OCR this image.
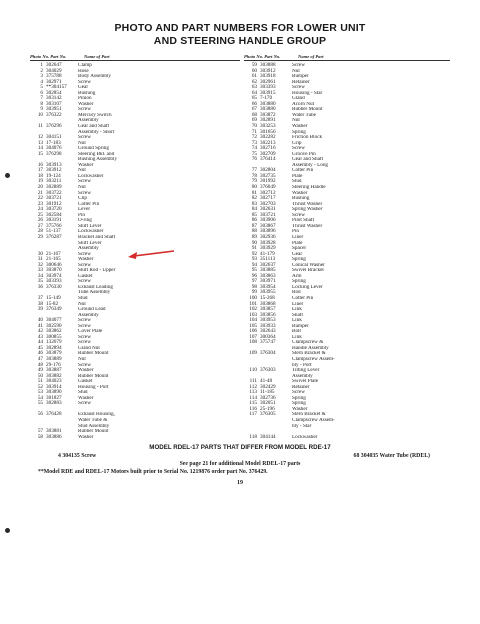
PHOTO AND PART NUMBERS FOR LOWER UNIT
AND STEERING HANDLE GROUP
Photo No. Part No.	Name of Part
1 302647	Clamp
2 304029	Hose
3 375788	Body Assembly
4 302971	Screw
5 **304157	Gear
6 302854	Bushing
7 303142	Pinion
8 303107	Washer
9 303951	Screw
10 376322	Mercury Switch
Assembly
11 376296	Gear and Shaft
Assembly - Short
12 304151	Screw
13 17-183	Nut
14 304076	Ground Spring
15 376298	Steering Bkt. and
Bushing Assembly
16 303913	Washer
17 303912	Nut
18 19-124	Lockwasher
19 303211	Screw
20 302889	Nut
21 303722	Screw
22 303721	Clip
23 301912	Cotter Pin
24 303720	Lever
25 302584	Pin
26 303191	O-ring
27 375766	Shift Lever
28 51-137	Lockwasher
29 376287	Bracket and Shaft
Shift Lever
Assembly
30 21-167	Screw
31 21-165	Washer
32 300646	Screw
33 303870	Shift Rod - Upper
34 303974	Gasket
35 303393	Screw
36 376330	Exhaust Leading
Tube Assembly
37 15-149	Stud
38 15-82	Nut
39 376349	Ground Lead
Assembly
40 304077	Screw
41 302590	Screw
42 303862	Cover Plate
43 300855	Screw
44 132679	Screw
45 302894	Gland Nut
46 303879	Rubber Mount
47 303889	Nut
48 29-176	Screw
49 303887	Washer
50 303882	Rubber Mount
51 304023	Gasket
52 303914	Housing - Port
53 303890	Stud
54 301827	Washer
55 302883	Screw
56 376428	Exhaust Housing,
Water Tube &
Stud Assembly
57 303881	Rubber Mount
58 303886	Washer
Photo No. Part No.	Name of Part
59 303888	Screw
60 303912	Nut
61 303918	Bumper
62 302961	Retainer
63 303393	Screw
64 303915	Housing - Star
65 7-170	Gland
66 303880	Acorn Nut
67 303880	Rubber Mount
68 303872	Water Tube
69 302891	Nut
70 303253	Washer
71 301656	Spring
72 302282	Friction Block
73 302213	Grip
74 302716	Screw
75 302709	Groove Pin
76 376414	Gear and Shaft
Assembly - Long
77 302804	Cotter Pin
78 302735	Plate
79 301992	Stud
80 376049	Steering Handle
81 302712	Washer
82 302717	Bushing
83 302703	Thrust Washer
84 302631	Spring Washer
85 303721	Screw
86 303906	Pilot Shaft
87 303867	Thrust Washer
88 303896	Pin
89 302936	Liner
90 303928	Plate
91 303929	Spacer
92 41-179	Gear
93 351113	Spring
94 302637	Conical Washer
95 303885	Swivel Bracket
96 303863	Arm
97 303971	Spring
98 303954	Locking Lever
99 303955	Rod
100 15-268	Cotter Pin
101 303868	Liner
102 303857	Link
103 303856	Shaft
104 303953	Link
105 303933	Bumper
106 302643	Bolt
107 300364	Link
108 375747	Clampscrew &
Handle Assembly
109 376304	Stern Bracket &
Clampscrew Assem-
bly - Port
110 376303	Tilting Lever
Assembly
111 41-48	Swivel Plate
112 302429	Retainer
113 11-185	Screw
114 302736	Spring
115 302051	Spring
116 25-196	Washer
117 376305	Stern Bracket &
Clampscrew Assem-
bly - Star
118 304144	Lockwasher
MODEL RDEL-17 PARTS THAT DIFFER FROM MODEL RDE-17
4 304135 Screw	68 304035 Water Tube (RDEL)
See page 21 for additional Model RDEL-17 parts
**Model RDE and RDEL-17 Motors built prior to Serial No. 1219876 order part No. 376429.
19
